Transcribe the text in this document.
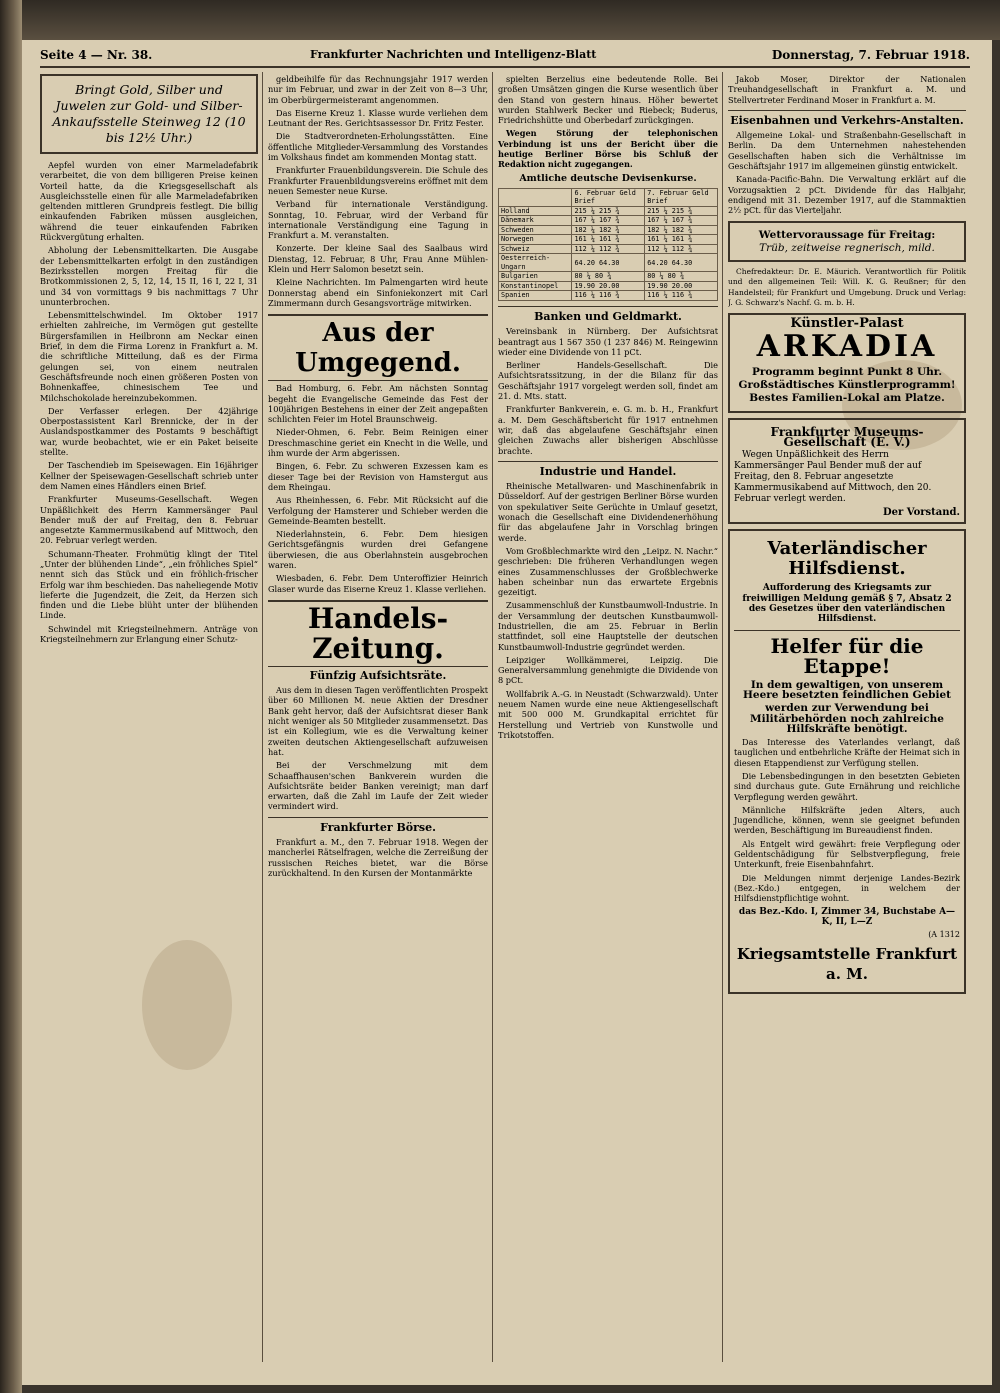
Seite 4 — Nr. 38.	Frankfurter Nachrichten und Intelligenz-Blatt	Donnerstag, 7. Februar 1918.
Bringt Gold, Silber und Juwelen zur Gold- und Silber-Ankaufsstelle Steinweg 12 (10 bis 12½ Uhr.)

Aepfel wurden von einer Marmeladefabrik verarbeitet, die von dem billigeren Preise keinen Vorteil hatte, da die Kriegsgesellschaft als Ausgleichsstelle einen für alle Marmeladefabriken geltenden mittleren Grundpreis festlegt. Die billig einkaufenden Fabriken müssen ausgleichen, während die teuer einkaufenden Fabriken Rückvergütung erhalten.

Abholung der Lebensmittelkarten. Die Ausgabe der Lebensmittelkarten erfolgt in den zuständigen Bezirksstellen morgen Freitag für die Brotkommissionen 2, 5, 12, 14, 15 II, 16 I, 22 I, 31 und 34 von vormittags 9 bis nachmittags 7 Uhr ununterbrochen.

Lebensmittelschwindel. Im Oktober 1917 erhielten zahlreiche, im Vermögen gut gestellte Bürgersfamilien in Heilbronn am Neckar einen Brief, in dem die Firma Lorenz in Frankfurt a. M. die schriftliche Mitteilung, daß es der Firma gelungen sei, von einem neutralen Geschäftsfreunde noch einen größeren Posten von Bohnenkaffee, chinesischem Tee und Milchschokolade hereinzubekommen.

Der Verfasser erlegen. Der 42jährige Oberpostassistent Karl Brennicke, der in der Auslandspostkammer des Postamts 9 beschäftigt war, wurde beobachtet, wie er ein Paket beiseite stellte.

Der Taschendieb im Speisewagen. Ein 16jähriger Kellner der Speisewagen-Gesellschaft schrieb unter dem Namen eines Händlers einen Brief.

Frankfurter Museums-Gesellschaft. Wegen Unpäßlichkeit des Herrn Kammersänger Paul Bender muß der auf Freitag, den 8. Februar angesetzte Kammermusikabend auf Mittwoch, den 20. Februar verlegt werden.

Schumann-Theater. Frohmütig klingt der Titel „Unter der blühenden Linde“, „ein fröhliches Spiel“ nennt sich das Stück und ein fröhlich-frischer Erfolg war ihm beschieden. Das naheliegende Motiv lieferte die Jugendzeit, die Zeit, da Herzen sich finden und die Liebe blüht unter der blühenden Linde.

Schwindel mit Kriegsteilnehmern. Anträge von Kriegsteilnehmern zur Erlangung einer Schutz-

geldbeihilfe für das Rechnungsjahr 1917 werden nur im Februar, und zwar in der Zeit von 8—3 Uhr, im Oberbürgermeisteramt angenommen.

Das Eiserne Kreuz 1. Klasse wurde verliehen dem Leutnant der Res. Gerichtsassessor Dr. Fritz Fester.

Die Stadtverordneten-Erholungsstätten. Eine öffentliche Mitglieder-Versammlung des Vorstandes im Volkshaus findet am kommenden Montag statt.

Frankfurter Frauenbildungsverein. Die Schule des Frankfurter Frauenbildungsvereins eröffnet mit dem neuen Semester neue Kurse.

Verband für internationale Verständigung. Sonntag, 10. Februar, wird der Verband für internationale Verständigung eine Tagung in Frankfurt a. M. veranstalten.

Konzerte. Der kleine Saal des Saalbaus wird Dienstag, 12. Februar, 8 Uhr, Frau Anne Mühlen-Klein und Herr Salomon besetzt sein.

Kleine Nachrichten. Im Palmengarten wird heute Donnerstag abend ein Sinfoniekonzert mit Carl Zimmermann durch Gesangsvorträge mitwirken.

Aus der Umgegend.

Bad Homburg, 6. Febr. Am nächsten Sonntag begeht die Evangelische Gemeinde das Fest der 100jährigen Bestehens in einer der Zeit angepaßten schlichten Feier im Hotel Braunschweig.

Nieder-Ohmen, 6. Febr. Beim Reinigen einer Dreschmaschine geriet ein Knecht in die Welle, und ihm wurde der Arm abgerissen.

Bingen, 6. Febr. Zu schweren Exzessen kam es dieser Tage bei der Revision von Hamstergut aus dem Rheingau.

Aus Rheinhessen, 6. Febr. Mit Rücksicht auf die Verfolgung der Hamsterer und Schieber werden die Gemeinde-Beamten bestellt.

Niederlahnstein, 6. Febr. Dem hiesigen Gerichtsgefängnis wurden drei Gefangene überwiesen, die aus Oberlahnstein ausgebrochen waren.

Wiesbaden, 6. Febr. Dem Unteroffizier Heinrich Glaser wurde das Eiserne Kreuz 1. Klasse verliehen.

Handels-Zeitung.
Fünfzig Aufsichtsräte.

Aus dem in diesen Tagen veröffentlichten Prospekt über 60 Millionen M. neue Aktien der Dresdner Bank geht hervor, daß der Aufsichtsrat dieser Bank nicht weniger als 50 Mitglieder zusammensetzt. Das ist ein Kollegium, wie es die Verwaltung keiner zweiten deutschen Aktiengesellschaft aufzuweisen hat.

Bei der Verschmelzung mit dem Schaaffhausen'schen Bankverein wurden die Aufsichtsräte beider Banken vereinigt; man darf erwarten, daß die Zahl im Laufe der Zeit wieder vermindert wird.

Frankfurter Börse.

Frankfurt a. M., den 7. Februar 1918. Wegen der mancherlei Rätselfragen, welche die Zerreißung der russischen Reiches bietet, war die Börse zurückhaltend. In den Kursen der Montanmärkte

spielten Berzelius eine bedeutende Rolle. Bei großen Umsätzen gingen die Kurse wesentlich über den Stand von gestern hinaus. Höher bewertet wurden Stahlwerk Becker und Riebeck; Buderus, Friedrichshütte und Oberbedarf zurückgingen.

Wegen Störung der telephonischen Verbindung ist uns der Bericht über die heutige Berliner Börse bis Schluß der Redaktion nicht zugegangen.

Amtliche deutsche Devisenkurse.
	6. Februar Geld Brief	7. Februar Geld Brief
Holland	215 ¼ 215 ¾	215 ¼ 215 ¾
Dänemark	167 ¼ 167 ¾	167 ¼ 167 ¾
Schweden	182 ¼ 182 ¾	182 ¼ 182 ¾
Norwegen	161 ¼ 161 ¾	161 ¼ 161 ¾
Schweiz	112 ¼ 112 ¾	112 ¼ 112 ¾
Oesterreich-Ungarn	64.20 64.30	64.20 64.30
Bulgarien	80 ¼ 80 ¾	80 ¼ 80 ¾
Konstantinopel	19.90 20.00	19.90 20.00
Spanien	116 ¼ 116 ¾	116 ¼ 116 ¾
Banken und Geldmarkt.

Vereinsbank in Nürnberg. Der Aufsichtsrat beantragt aus 1 567 350 (1 237 846) M. Reingewinn wieder eine Dividende von 11 pCt.

Berliner Handels-Gesellschaft. Die Aufsichtsratssitzung, in der die Bilanz für das Geschäftsjahr 1917 vorgelegt werden soll, findet am 21. d. Mts. statt.

Frankfurter Bankverein, e. G. m. b. H., Frankfurt a. M. Dem Geschäftsbericht für 1917 entnehmen wir, daß das abgelaufene Geschäftsjahr einen gleichen Zuwachs aller bisherigen Abschlüsse brachte.

Industrie und Handel.

Rheinische Metallwaren- und Maschinenfabrik in Düsseldorf. Auf der gestrigen Berliner Börse wurden von spekulativer Seite Gerüchte in Umlauf gesetzt, wonach die Gesellschaft eine Dividendenerhöhung für das abgelaufene Jahr in Vorschlag bringen werde.

Vom Großblechmarkte wird den „Leipz. N. Nachr.“ geschrieben: Die früheren Verhandlungen wegen eines Zusammenschlusses der Großblechwerke haben scheinbar nun das erwartete Ergebnis gezeitigt.

Zusammenschluß der Kunstbaumwoll-Industrie. In der Versammlung der deutschen Kunstbaumwoll-Industriellen, die am 25. Februar in Berlin stattfindet, soll eine Hauptstelle der deutschen Kunstbaumwoll-Industrie gegründet werden.

Leipziger Wollkämmerei, Leipzig. Die Generalversammlung genehmigte die Dividende von 8 pCt.

Wollfabrik A.-G. in Neustadt (Schwarzwald). Unter neuem Namen wurde eine neue Aktiengesellschaft mit 500 000 M. Grundkapital errichtet für Herstellung und Vertrieb von Kunstwolle und Trikotstoffen.

Jakob Moser, Direktor der Nationalen Treuhandgesellschaft in Frankfurt a. M. und Stellvertreter Ferdinand Moser in Frankfurt a. M.

Eisenbahnen und Verkehrs-Anstalten.

Allgemeine Lokal- und Straßenbahn-Gesellschaft in Berlin. Da dem Unternehmen nahestehenden Gesellschaften haben sich die Verhältnisse im Geschäftsjahr 1917 im allgemeinen günstig entwickelt.

Kanada-Pacific-Bahn. Die Verwaltung erklärt auf die Vorzugsaktien 2 pCt. Dividende für das Halbjahr, endigend mit 31. Dezember 1917, auf die Stammaktien 2½ pCt. für das Vierteljahr.

Wettervoraussage für Freitag:
Trüb, zeitweise regnerisch, mild.

Chefredakteur: Dr. E. Mäurich. Verantwortlich für Politik und den allgemeinen Teil: Will. K. G. Reußner; für den Handelsteil; für Frankfurt und Umgebung. Druck und Verlag: J. G. Schwarz's Nachf. G. m. b. H.

Künstler-Palast
ARKADIA
Programm beginnt Punkt 8 Uhr.
Großstädtisches Künstlerprogramm!
Bestes Familien-Lokal am Platze.
Frankfurter Museums-Gesellschaft (E. V.)

Wegen Unpäßlichkeit des Herrn Kammersänger Paul Bender muß der auf Freitag, den 8. Februar angesetzte Kammermusikabend auf Mittwoch, den 20. Februar verlegt werden.

Der Vorstand.
Vaterländischer Hilfsdienst.
Aufforderung des Kriegsamts zur freiwilligen Meldung gemäß § 7, Absatz 2 des Gesetzes über den vaterländischen Hilfsdienst.
Helfer für die Etappe!
In dem gewaltigen, von unserem Heere besetzten feindlichen Gebiet
werden zur Verwendung bei Militärbehörden noch zahlreiche Hilfskräfte benötigt.

Das Interesse des Vaterlandes verlangt, daß tauglichen und entbehrliche Kräfte der Heimat sich in diesen Etappendienst zur Verfügung stellen.

Die Lebensbedingungen in den besetzten Gebieten sind durchaus gute. Gute Ernährung und reichliche Verpflegung werden gewährt.

Männliche Hilfskräfte jeden Alters, auch Jugendliche, können, wenn sie geeignet befunden werden, Beschäftigung im Bureaudienst finden.

Als Entgelt wird gewährt: freie Verpflegung oder Geldentschädigung für Selbstverpflegung, freie Unterkunft, freie Eisenbahnfahrt.

Die Meldungen nimmt derjenige Landes-Bezirk (Bez.-Kdo.) entgegen, in welchem der Hilfsdienstpflichtige wohnt.

das Bez.-Kdo. I, Zimmer 34, Buchstabe A—K, II, L—Z
(A 1312
Kriegsamtstelle Frankfurt a. M.
